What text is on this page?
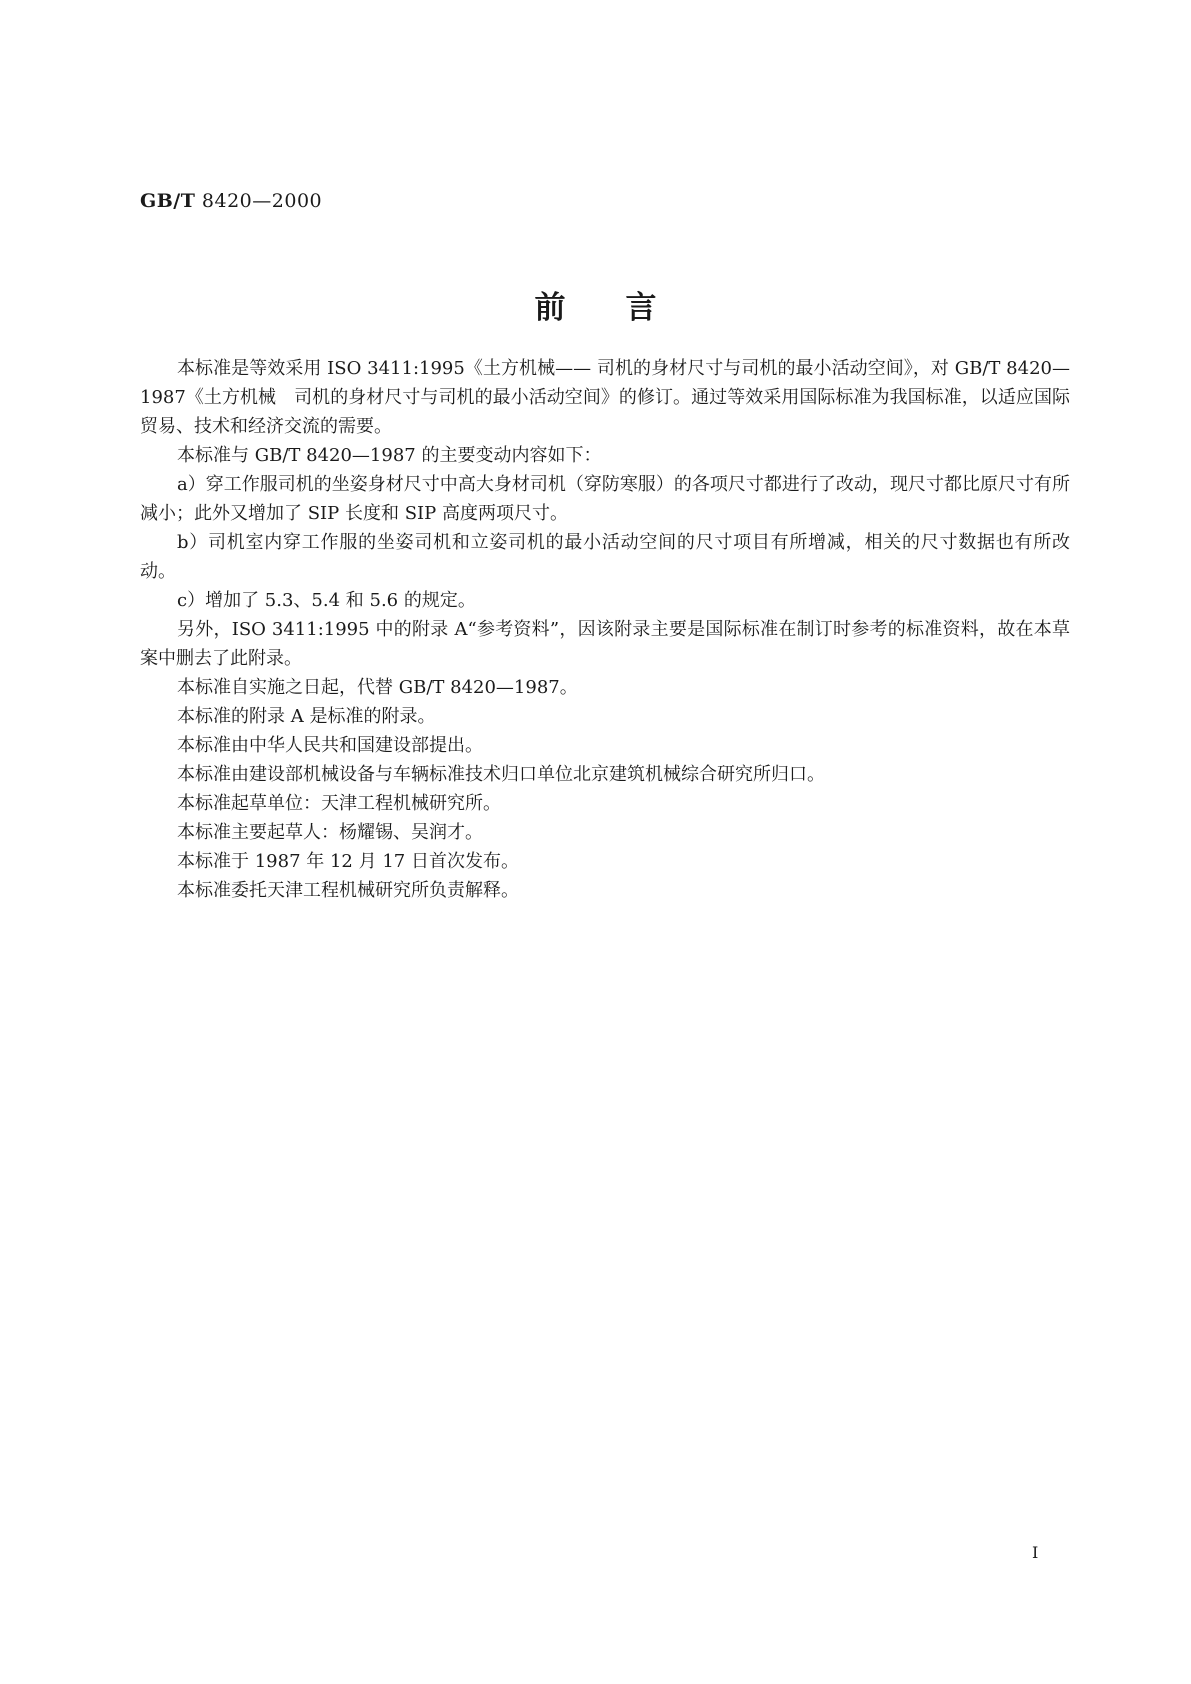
GB/T 8420—2000
前言

本标准是等效采用 ISO 3411:1995《土方机械—— 司机的身材尺寸与司机的最小活动空间》，对 GB/T 8420—1987《土方机械　司机的身材尺寸与司机的最小活动空间》的修订。通过等效采用国际标准为我国标准，以适应国际贸易、技术和经济交流的需要。

本标准与 GB/T 8420—1987 的主要变动内容如下：

a）穿工作服司机的坐姿身材尺寸中高大身材司机（穿防寒服）的各项尺寸都进行了改动，现尺寸都比原尺寸有所减小；此外又增加了 SIP 长度和 SIP 高度两项尺寸。

b）司机室内穿工作服的坐姿司机和立姿司机的最小活动空间的尺寸项目有所增减，相关的尺寸数据也有所改动。

c）增加了 5.3、5.4 和 5.6 的规定。

另外，ISO 3411:1995 中的附录 A“参考资料”，因该附录主要是国际标准在制订时参考的标准资料，故在本草案中删去了此附录。

本标准自实施之日起，代替 GB/T 8420—1987。

本标准的附录 A 是标准的附录。

本标准由中华人民共和国建设部提出。

本标准由建设部机械设备与车辆标准技术归口单位北京建筑机械综合研究所归口。

本标准起草单位：天津工程机械研究所。

本标准主要起草人：杨耀锡、吴润才。

本标准于 1987 年 12 月 17 日首次发布。

本标准委托天津工程机械研究所负责解释。

I
